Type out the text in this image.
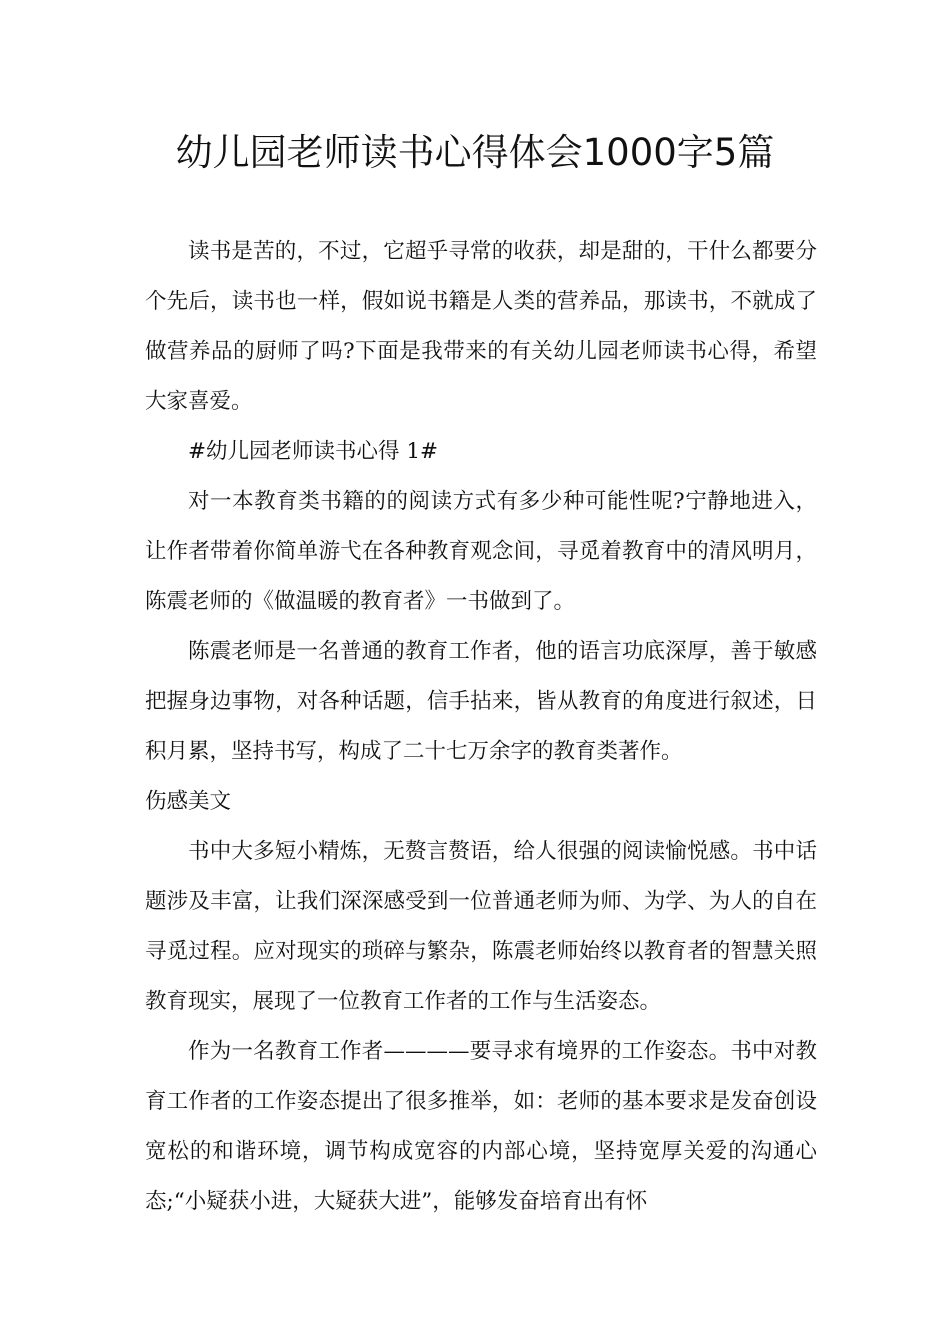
幼儿园老师读书心得体会1000字5篇

读书是苦的，不过，它超乎寻常的收获，却是甜的，干什么都要分个先后，读书也一样，假如说书籍是人类的营养品，那读书，不就成了做营养品的厨师了吗?下面是我带来的有关幼儿园老师读书心得，希望大家喜爱。

#幼儿园老师读书心得 1#

对一本教育类书籍的的阅读方式有多少种可能性呢?宁静地进入，让作者带着你简单游弋在各种教育观念间，寻觅着教育中的清风明月，陈震老师的《做温暖的教育者》一书做到了。

陈震老师是一名普通的教育工作者，他的语言功底深厚，善于敏感把握身边事物，对各种话题，信手拈来，皆从教育的角度进行叙述，日积月累，坚持书写，构成了二十七万余字的教育类著作。

伤感美文

书中大多短小精炼，无赘言赘语，给人很强的阅读愉悦感。书中话题涉及丰富，让我们深深感受到一位普通老师为师、为学、为人的自在寻觅过程。应对现实的琐碎与繁杂，陈震老师始终以教育者的智慧关照教育现实，展现了一位教育工作者的工作与生活姿态。

作为一名教育工作者————要寻求有境界的工作姿态。书中对教育工作者的工作姿态提出了很多推举，如：老师的基本要求是发奋创设宽松的和谐环境，调节构成宽容的内部心境，坚持宽厚关爱的沟通心态;“小疑获小进，大疑获大进”，能够发奋培育出有怀
